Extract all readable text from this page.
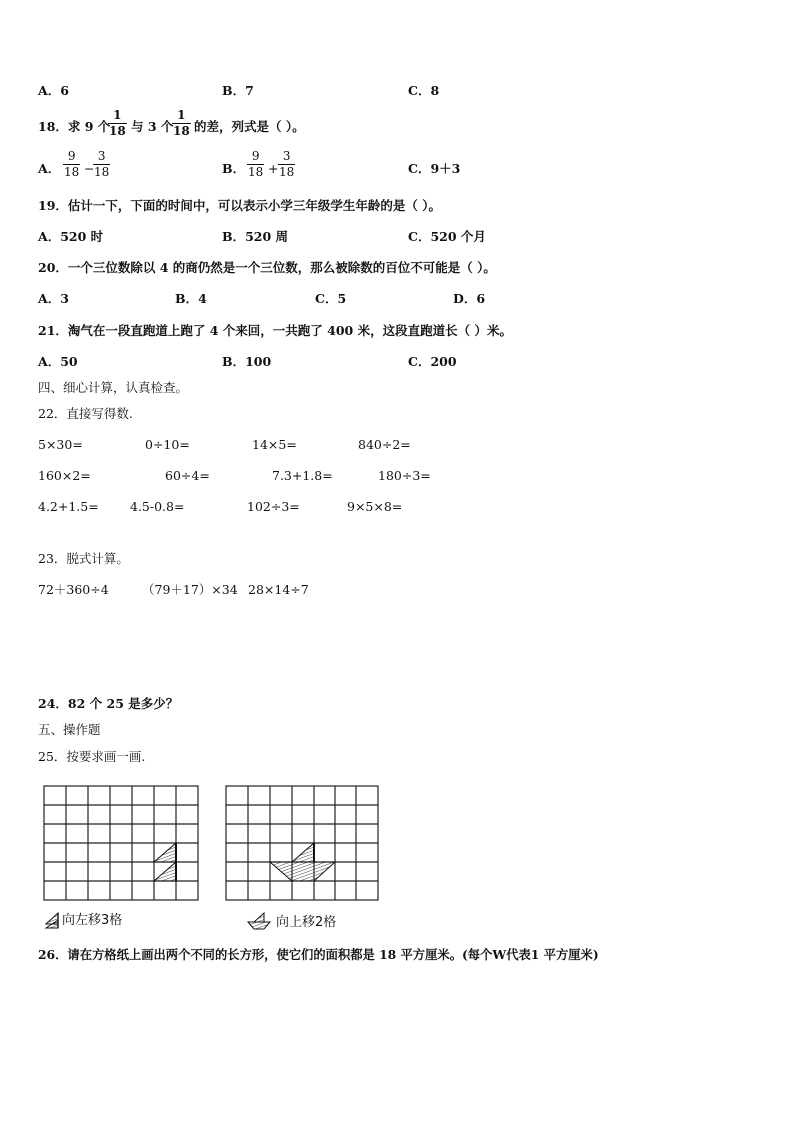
A．6	B．7	C．8
18．求 9 个
$\frac{1}{18}$ 与 3 个
$\frac{1}{18}$ 的差，列式是（ ）。
A． $\frac{9}{18}$ −
$\frac{3}{18}$	B． $\frac{9}{18} + \frac{3}{18}$	C．9＋3
19．估计一下，下面的时间中，可以表示小学三年级学生年龄的是（ ）。
A．520 时	B．520 周	C．520 个月
20．一个三位数除以 4 的商仍然是一个三位数，那么被除数的百位不可能是（ ）。
A．3	B．4	C．5	D．6
21．淘气在一段直跑道上跑了 4 个来回，一共跑了 400 米，这段直跑道长（ ）米。
A．50	B．100	C．200
四、细心计算，认真检查。
22．直接写得数.
5×30=	0÷10=	14×5=	840÷2=
160×2=	60÷4=	7.3+1.8=	180÷3=
4.2+1.5=	4.5-0.8=	102÷3=	9×5×8=
23．脱式计算。
72＋360÷4	（79＋17）×34 28×14÷7
24．82 个 25 是多少？
五、操作题
25．按要求画一画.
向左移3格	向上移2格
26．请在方格纸上画出两个不同的长方形，使它们的面积都是 18 平方厘米。(每个W代表1 平方厘米)
